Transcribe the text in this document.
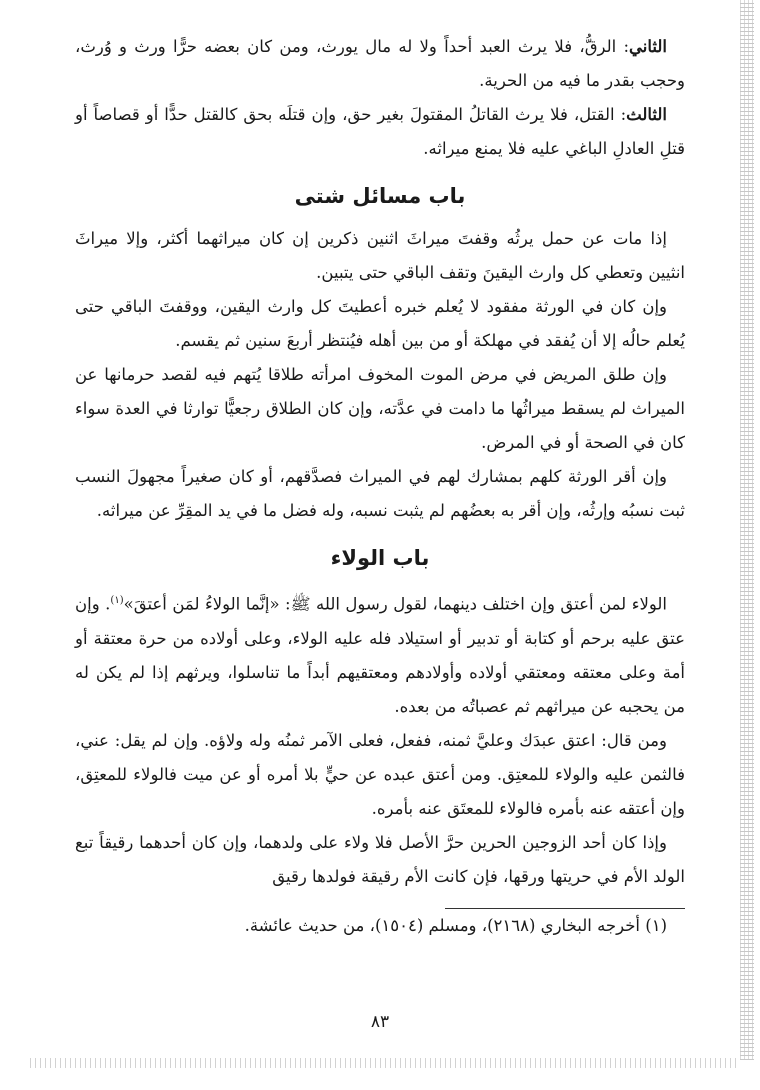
الثاني: الرقُّ، فلا يرث العبد أحداً ولا له مال يورث، ومن كان بعضه حرًّا ورث و وُرث، وحجب بقدر ما فيه من الحرية.

الثالث: القتل، فلا يرث القاتلُ المقتولَ بغير حق، وإن قتلَه بحق كالقتل حدًّا أو قصاصاً أو قتلِ العادلِ الباغي عليه فلا يمنع ميراثه.

باب مسائل شتى

إذا مات عن حمل يرثُه وقفتَ ميراثَ اثنين ذكرين إن كان ميراثهما أكثر، وإلا ميراثَ انثيين وتعطي كل وارث اليقينَ وتقف الباقي حتى يتبين.

وإن كان في الورثة مفقود لا يُعلم خبره أعطيتَ كل وارث اليقين، ووقفتَ الباقي حتى يُعلم حالُه إلا أن يُفقد في مهلكة أو من بين أهله فيُنتظر أربعَ سنين ثم يقسم.

وإن طلق المريض في مرض الموت المخوف امرأته طلاقا يُتهم فيه لقصد حرمانها عن الميراث لم يسقط ميراثُها ما دامت في عدَّته، وإن كان الطلاق رجعيًّا توارثا في العدة سواء كان في الصحة أو في المرض.

وإن أقر الورثة كلهم بمشارك لهم في الميراث فصدَّقهم، أو كان صغيراً مجهولَ النسب ثبت نسبُه وإرثُه، وإن أقر به بعضُهم لم يثبت نسبه، وله فضل ما في يد المقِرِّ عن ميراثه.

باب الولاء

الولاء لمن أعتق وإن اختلف دينهما، لقول رسول الله ﷺ: «إنَّما الولاءُ لمَن أعتقَ»$^{(١)}$. وإن عتق عليه برحم أو كتابة أو تدبير أو استيلاد فله عليه الولاء، وعلى أولاده من حرة معتقة أو أمة وعلى معتقه ومعتقي أولاده وأولادهم ومعتقيهم أبداً ما تناسلوا، ويرثهم إذا لم يكن له من يحجبه عن ميراثهم ثم عصباتُه من بعده.

ومن قال: اعتق عبدَك وعليَّ ثمنه، ففعل، فعلى الآمر ثمنُه وله ولاؤه. وإن لم يقل: عني، فالثمن عليه والولاء للمعتِق. ومن أعتق عبده عن حيٍّ بلا أمره أو عن ميت فالولاء للمعتِق، وإن أعتقه عنه بأمره فالولاء للمعتَق عنه بأمره.

وإذا كان أحد الزوجين الحرين حرَّ الأصل فلا ولاء على ولدهما، وإن كان أحدهما رقيقاً تبع الولد الأم في حريتها ورقها، فإن كانت الأم رقيقة فولدها رقيق

(١) أخرجه البخاري (٢١٦٨)، ومسلم (١٥٠٤)، من حديث عائشة.

٨٣
